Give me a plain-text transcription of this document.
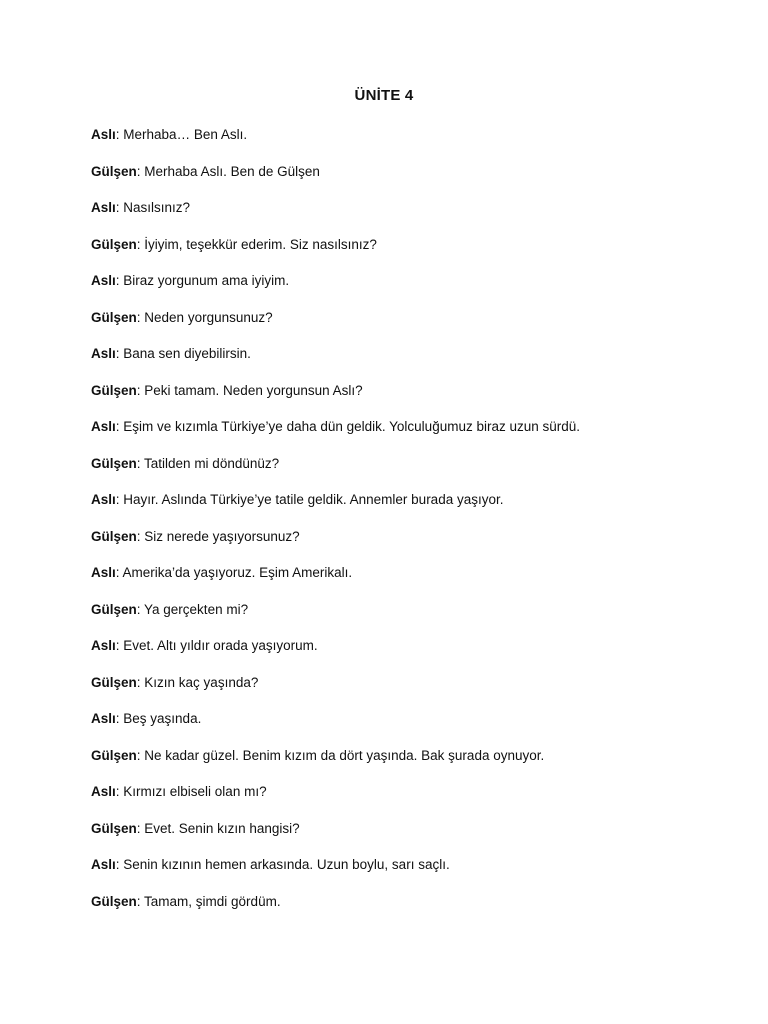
ÜNİTE 4
Aslı: Merhaba… Ben Aslı.
Gülşen: Merhaba Aslı. Ben de Gülşen
Aslı: Nasılsınız?
Gülşen: İyiyim, teşekkür ederim. Siz nasılsınız?
Aslı: Biraz yorgunum ama iyiyim.
Gülşen: Neden yorgunsunuz?
Aslı: Bana sen diyebilirsin.
Gülşen: Peki tamam. Neden yorgunsun Aslı?
Aslı: Eşim ve kızımla Türkiye’ye daha dün geldik. Yolculuğumuz biraz uzun sürdü.
Gülşen: Tatilden mi döndünüz?
Aslı: Hayır. Aslında Türkiye’ye tatile geldik. Annemler burada yaşıyor.
Gülşen: Siz nerede yaşıyorsunuz?
Aslı: Amerika’da yaşıyoruz. Eşim Amerikalı.
Gülşen: Ya gerçekten mi?
Aslı: Evet. Altı yıldır orada yaşıyorum.
Gülşen: Kızın kaç yaşında?
Aslı: Beş yaşında.
Gülşen: Ne kadar güzel. Benim kızım da dört yaşında. Bak şurada oynuyor.
Aslı: Kırmızı elbiseli olan mı?
Gülşen: Evet. Senin kızın hangisi?
Aslı: Senin kızının hemen arkasında. Uzun boylu, sarı saçlı.
Gülşen: Tamam, şimdi gördüm.
